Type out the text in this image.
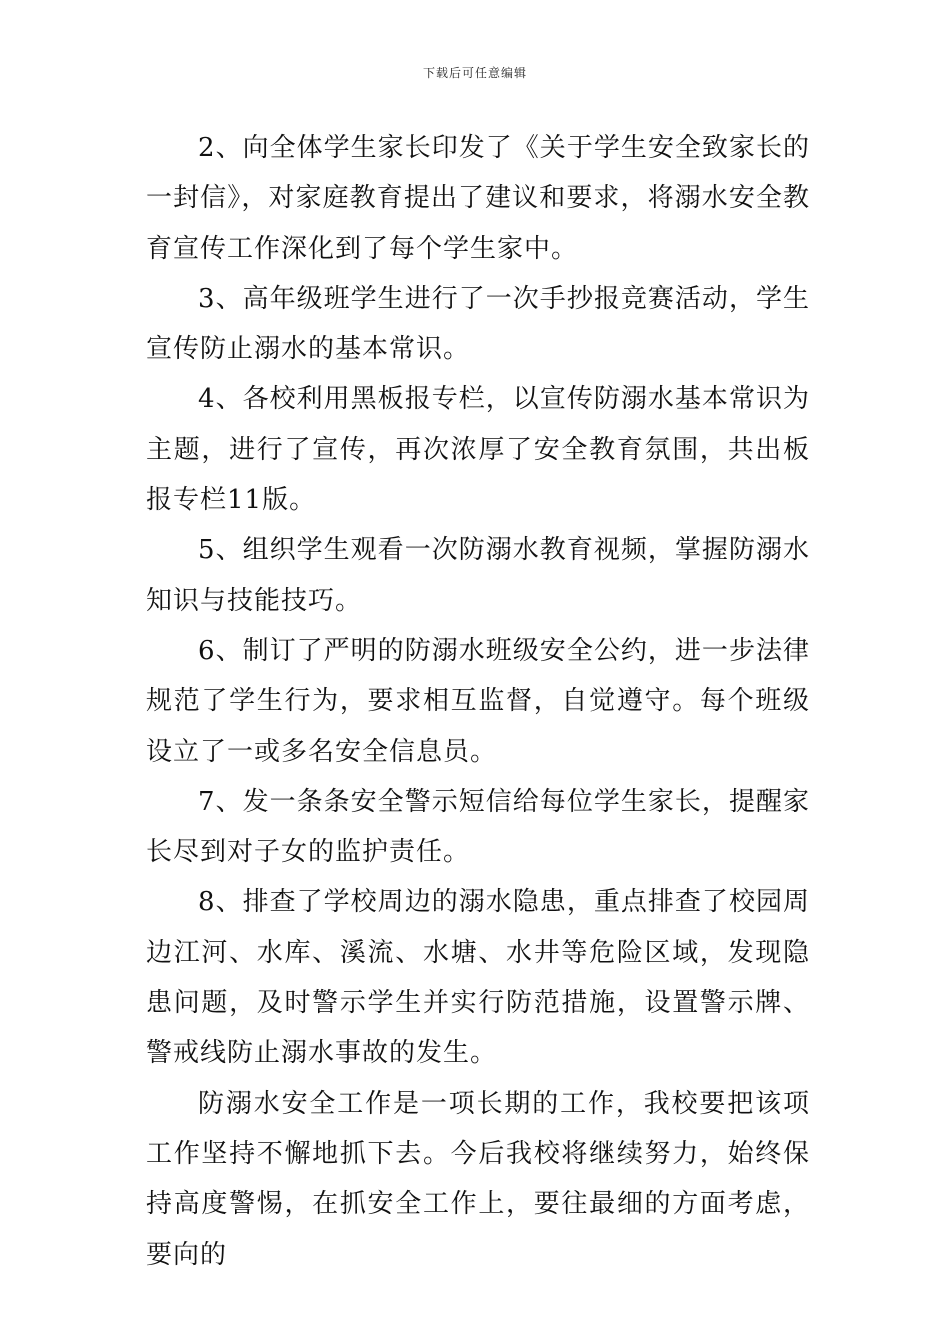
下载后可任意编辑

2、向全体学生家长印发了《关于学生安全致家长的一封信》，对家庭教育提出了建议和要求，将溺水安全教育宣传工作深化到了每个学生家中。

3、高年级班学生进行了一次手抄报竞赛活动，学生宣传防止溺水的基本常识。

4、各校利用黑板报专栏，以宣传防溺水基本常识为主题，进行了宣传，再次浓厚了安全教育氛围，共出板报专栏11版。

5、组织学生观看一次防溺水教育视频，掌握防溺水知识与技能技巧。

6、制订了严明的防溺水班级安全公约，进一步法律规范了学生行为，要求相互监督，自觉遵守。每个班级设立了一或多名安全信息员。

7、发一条条安全警示短信给每位学生家长，提醒家长尽到对子女的监护责任。

8、排查了学校周边的溺水隐患，重点排查了校园周边江河、水库、溪流、水塘、水井等危险区域，发现隐患问题，及时警示学生并实行防范措施，设置警示牌、警戒线防止溺水事故的发生。

防溺水安全工作是一项长期的工作，我校要把该项工作坚持不懈地抓下去。今后我校将继续努力，始终保持高度警惕，在抓安全工作上，要往最细的方面考虑，要向的
